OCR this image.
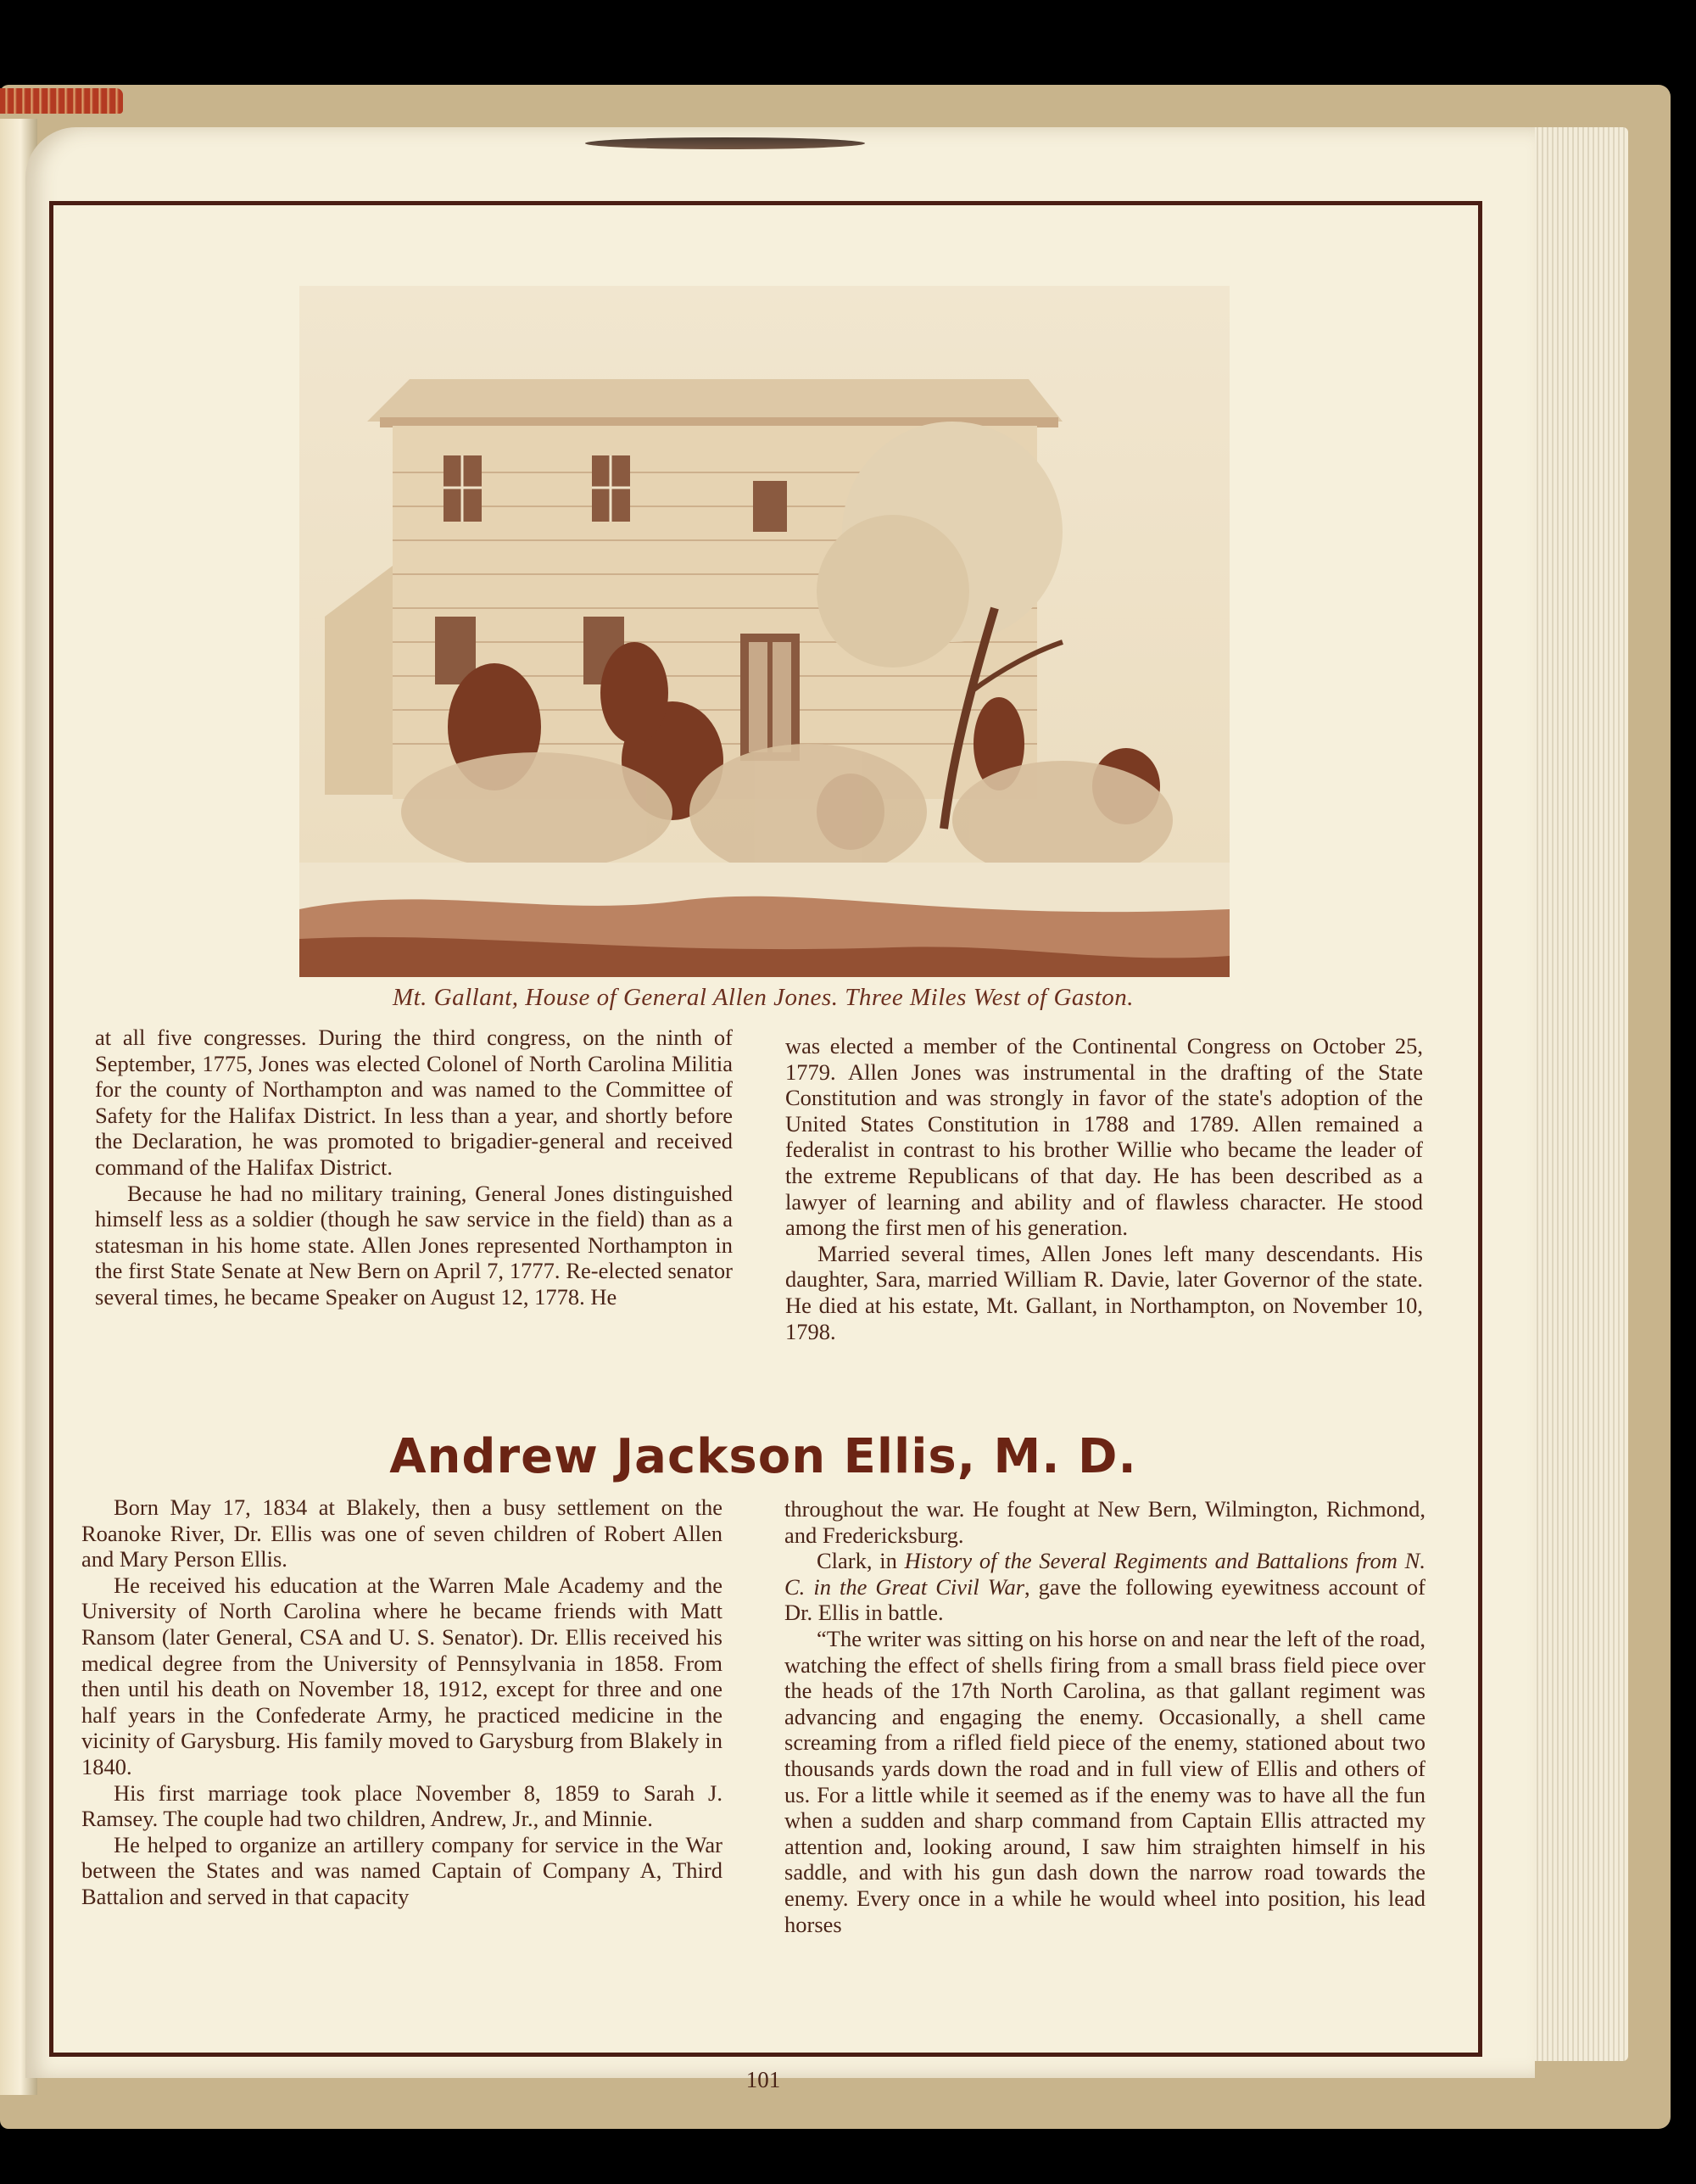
Mt. Gallant, House of General Allen Jones. Three Miles West of Gaston.

at all five congresses. During the third congress, on the ninth of September, 1775, Jones was elected Colonel of North Carolina Militia for the county of Northampton and was named to the Committee of Safety for the Halifax District. In less than a year, and shortly before the Declaration, he was promoted to brigadier-general and received command of the Halifax District.

Because he had no military training, General Jones distinguished himself less as a soldier (though he saw service in the field) than as a statesman in his home state. Allen Jones represented Northampton in the first State Senate at New Bern on April 7, 1777. Re-elected senator several times, he became Speaker on August 12, 1778. He

was elected a member of the Continental Congress on October 25, 1779. Allen Jones was instrumental in the drafting of the State Constitution and was strongly in favor of the state's adoption of the United States Constitution in 1788 and 1789. Allen remained a federalist in contrast to his brother Willie who became the leader of the extreme Republicans of that day. He has been described as a lawyer of learning and ability and of flawless character. He stood among the first men of his generation.

Married several times, Allen Jones left many descendants. His daughter, Sara, married William R. Davie, later Governor of the state. He died at his estate, Mt. Gallant, in Northampton, on November 10, 1798.

Andrew Jackson Ellis, M. D.

Born May 17, 1834 at Blakely, then a busy settlement on the Roanoke River, Dr. Ellis was one of seven children of Robert Allen and Mary Person Ellis.

He received his education at the Warren Male Academy and the University of North Carolina where he became friends with Matt Ransom (later General, CSA and U. S. Senator). Dr. Ellis received his medical degree from the University of Pennsylvania in 1858. From then until his death on November 18, 1912, except for three and one half years in the Confederate Army, he practiced medicine in the vicinity of Garysburg. His family moved to Garysburg from Blakely in 1840.

His first marriage took place November 8, 1859 to Sarah J. Ramsey. The couple had two children, Andrew, Jr., and Minnie.

He helped to organize an artillery company for service in the War between the States and was named Captain of Company A, Third Battalion and served in that capacity

throughout the war. He fought at New Bern, Wilmington, Richmond, and Fredericksburg.

Clark, in History of the Several Regiments and Battalions from N. C. in the Great Civil War, gave the following eyewitness account of Dr. Ellis in battle.

“The writer was sitting on his horse on and near the left of the road, watching the effect of shells firing from a small brass field piece over the heads of the 17th North Carolina, as that gallant regiment was advancing and engaging the enemy. Occasionally, a shell came screaming from a rifled field piece of the enemy, stationed about two thousands yards down the road and in full view of Ellis and others of us. For a little while it seemed as if the enemy was to have all the fun when a sudden and sharp command from Captain Ellis attracted my attention and, looking around, I saw him straighten himself in his saddle, and with his gun dash down the narrow road towards the enemy. Every once in a while he would wheel into position, his lead horses

101
